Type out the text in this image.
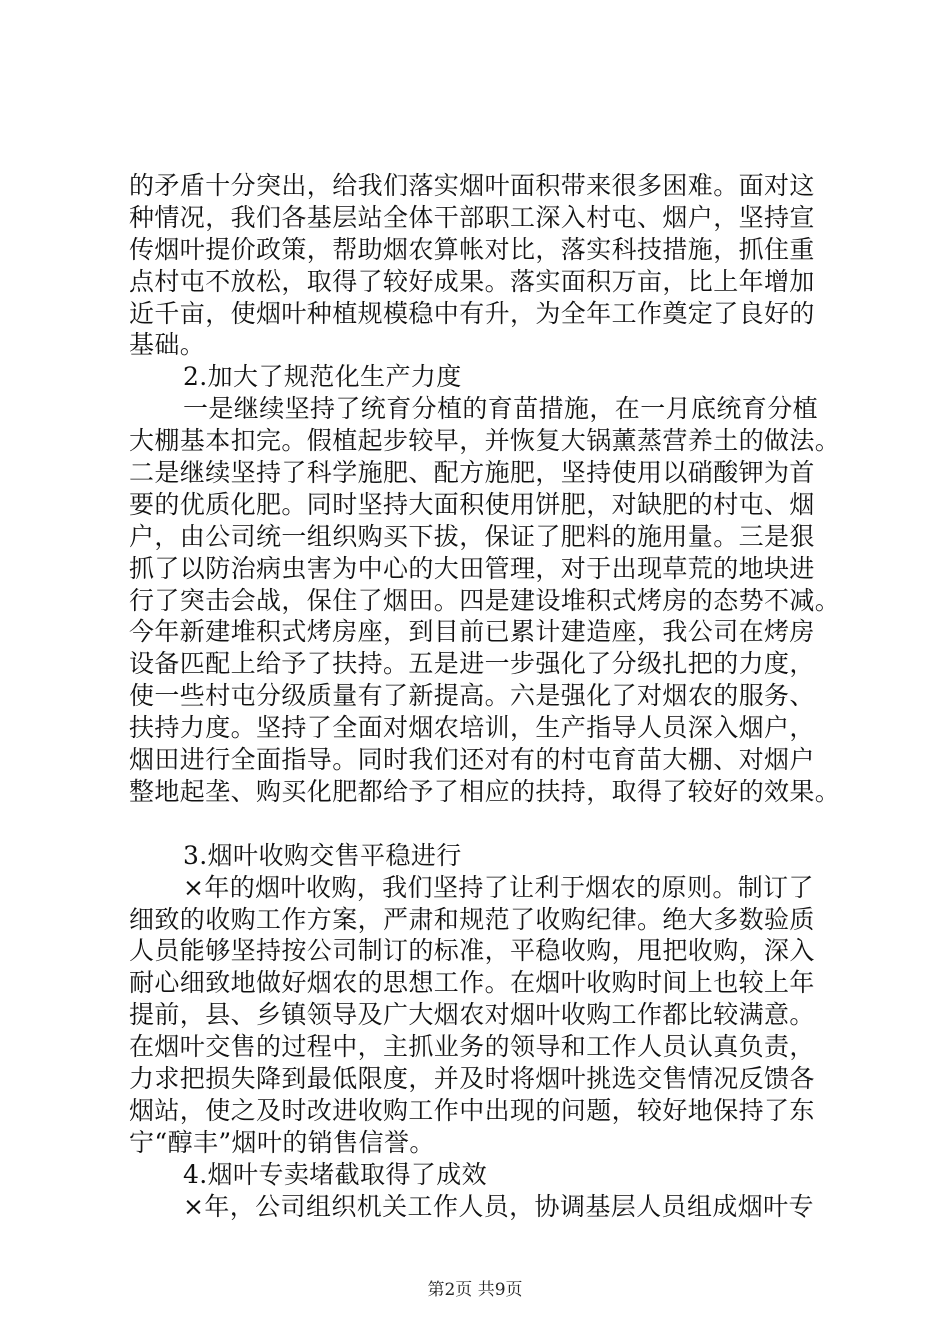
的矛盾十分突出，给我们落实烟叶面积带来很多困难。面对这
种情况，我们各基层站全体干部职工深入村屯、烟户，坚持宣
传烟叶提价政策，帮助烟农算帐对比，落实科技措施，抓住重
点村屯不放松，取得了较好成果。落实面积万亩，比上年增加
近千亩，使烟叶种植规模稳中有升，为全年工作奠定了良好的
基础。
2.加大了规范化生产力度
一是继续坚持了统育分植的育苗措施，在一月底统育分植
大棚基本扣完。假植起步较早，并恢复大锅薰蒸营养土的做法。
二是继续坚持了科学施肥、配方施肥，坚持使用以硝酸钾为首
要的优质化肥。同时坚持大面积使用饼肥，对缺肥的村屯、烟
户，由公司统一组织购买下拔，保证了肥料的施用量。三是狠
抓了以防治病虫害为中心的大田管理，对于出现草荒的地块进
行了突击会战，保住了烟田。四是建设堆积式烤房的态势不减。
今年新建堆积式烤房座，到目前已累计建造座，我公司在烤房
设备匹配上给予了扶持。五是进一步强化了分级扎把的力度，
使一些村屯分级质量有了新提高。六是强化了对烟农的服务、
扶持力度。坚持了全面对烟农培训，生产指导人员深入烟户，
烟田进行全面指导。同时我们还对有的村屯育苗大棚、对烟户
整地起垄、购买化肥都给予了相应的扶持，取得了较好的效果。
3.烟叶收购交售平稳进行
×年的烟叶收购，我们坚持了让利于烟农的原则。制订了
细致的收购工作方案，严肃和规范了收购纪律。绝大多数验质
人员能够坚持按公司制订的标准，平稳收购，甩把收购，深入
耐心细致地做好烟农的思想工作。在烟叶收购时间上也较上年
提前，县、乡镇领导及广大烟农对烟叶收购工作都比较满意。
在烟叶交售的过程中，主抓业务的领导和工作人员认真负责，
力求把损失降到最低限度，并及时将烟叶挑选交售情况反馈各
烟站，使之及时改进收购工作中出现的问题，较好地保持了东
宁“醇丰”烟叶的销售信誉。
4.烟叶专卖堵截取得了成效
×年，公司组织机关工作人员，协调基层人员组成烟叶专
第2页 共9页
